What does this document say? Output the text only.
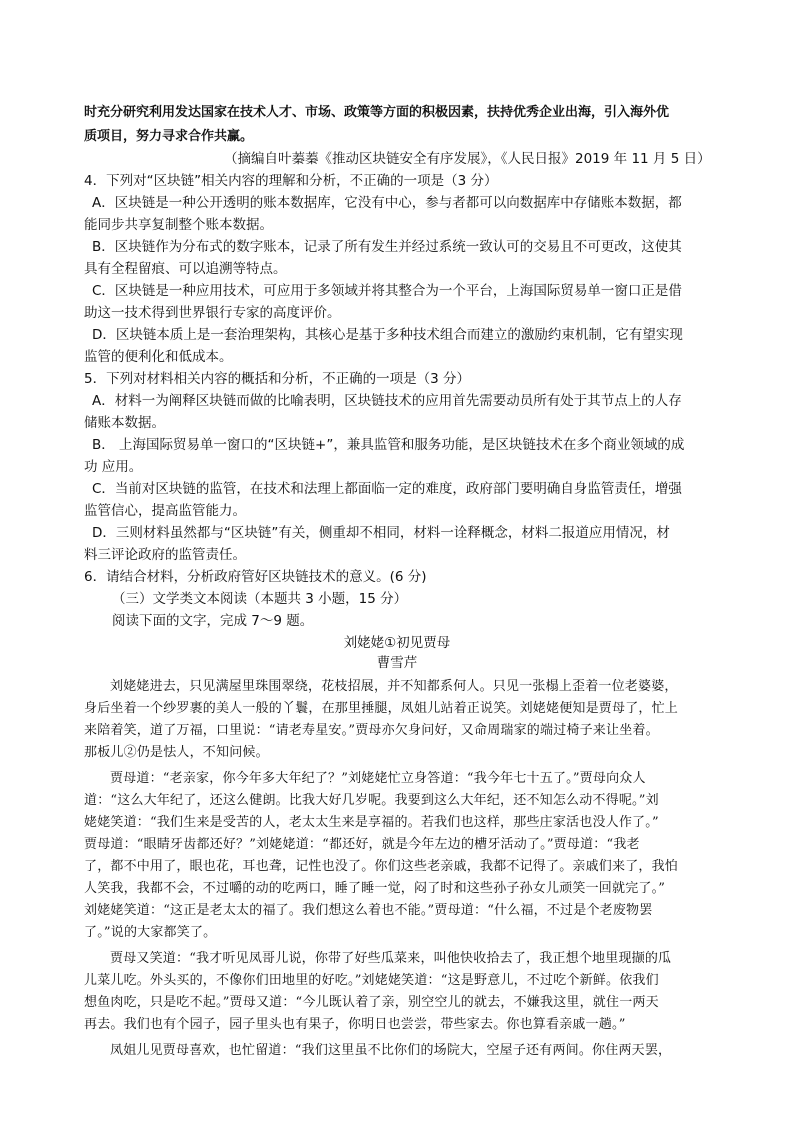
时充分研究利用发达国家在技术人才、市场、政策等方面的积极因素，扶持优秀企业出海，引入海外优
质项目，努力寻求合作共赢。
（摘编自叶蓁蓁《推动区块链安全有序发展》，《人民日报》2019 年 11 月 5 日）
4．下列对“区块链”相关内容的理解和分析，不正确的一项是（3 分）
A．区块链是一种公开透明的账本数据库，它没有中心，参与者都可以向数据库中存储账本数据，都
能同步共享复制整个账本数据。
B．区块链作为分布式的数字账本，记录了所有发生并经过系统一致认可的交易且不可更改，这使其
具有全程留痕、可以追溯等特点。
C．区块链是一种应用技术，可应用于多领域并将其整合为一个平台，上海国际贸易单一窗口正是借
助这一技术得到世界银行专家的高度评价。
D．区块链本质上是一套治理架构，其核心是基于多种技术组合而建立的激励约束机制，它有望实现
监管的便利化和低成本。
5．下列对材料相关内容的概括和分析，不正确的一项是（3 分）
A．材料一为阐释区块链而做的比喻表明，区块链技术的应用首先需要动员所有处于其节点上的人存
储账本数据。
B． 上海国际贸易单一窗口的“区块链+”，兼具监管和服务功能，是区块链技术在多个商业领域的成
功 应用。
C．当前对区块链的监管，在技术和法理上都面临一定的难度，政府部门要明确自身监管责任，增强
监管信心，提高监管能力。
D．三则材料虽然都与“区块链”有关，侧重却不相同，材料一诠释概念，材料二报道应用情况，材
料三评论政府的监管责任。
6．请结合材料，分析政府管好区块链技术的意义。(6 分)
（三）文学类文本阅读（本题共 3 小题，15 分）
阅读下面的文字，完成 7～9 题。
刘姥姥①初见贾母
曹雪芹
刘姥姥进去，只见满屋里珠围翠绕，花枝招展，并不知都系何人。只见一张榻上歪着一位老婆婆，
身后坐着一个纱罗裹的美人一般的丫鬟，在那里捶腿，凤姐儿站着正说笑。刘姥姥便知是贾母了，忙上
来陪着笑，道了万福，口里说：“请老寿星安。”贾母亦欠身问好，又命周瑞家的端过椅子来让坐着。
那板儿②仍是怯人，不知问候。
贾母道：“老亲家，你今年多大年纪了？”刘姥姥忙立身答道：“我今年七十五了。”贾母向众人
道：“这么大年纪了，还这么健朗。比我大好几岁呢。我要到这么大年纪，还不知怎么动不得呢。”刘
姥姥笑道：“我们生来是受苦的人，老太太生来是享福的。若我们也这样，那些庄家活也没人作了。”
贾母道：“眼睛牙齿都还好？”刘姥姥道：“都还好，就是今年左边的槽牙活动了。”贾母道：“我老
了，都不中用了，眼也花，耳也聋，记性也没了。你们这些老亲戚，我都不记得了。亲戚们来了，我怕
人笑我，我都不会，不过嚼的动的吃两口，睡了睡一觉，闷了时和这些孙子孙女儿顽笑一回就完了。”
刘姥姥笑道：“这正是老太太的福了。我们想这么着也不能。”贾母道：“什么福，不过是个老废物罢
了。”说的大家都笑了。
贾母又笑道：“我才听见凤哥儿说，你带了好些瓜菜来，叫他快收拾去了，我正想个地里现撷的瓜
儿菜儿吃。外头买的，不像你们田地里的好吃。”刘姥姥笑道：“这是野意儿，不过吃个新鲜。依我们
想鱼肉吃，只是吃不起。”贾母又道：“今儿既认着了亲，别空空儿的就去，不嫌我这里，就住一两天
再去。我们也有个园子，园子里头也有果子，你明日也尝尝，带些家去。你也算看亲戚一趟。”
凤姐儿见贾母喜欢，也忙留道：“我们这里虽不比你们的场院大，空屋子还有两间。你住两天罢，
